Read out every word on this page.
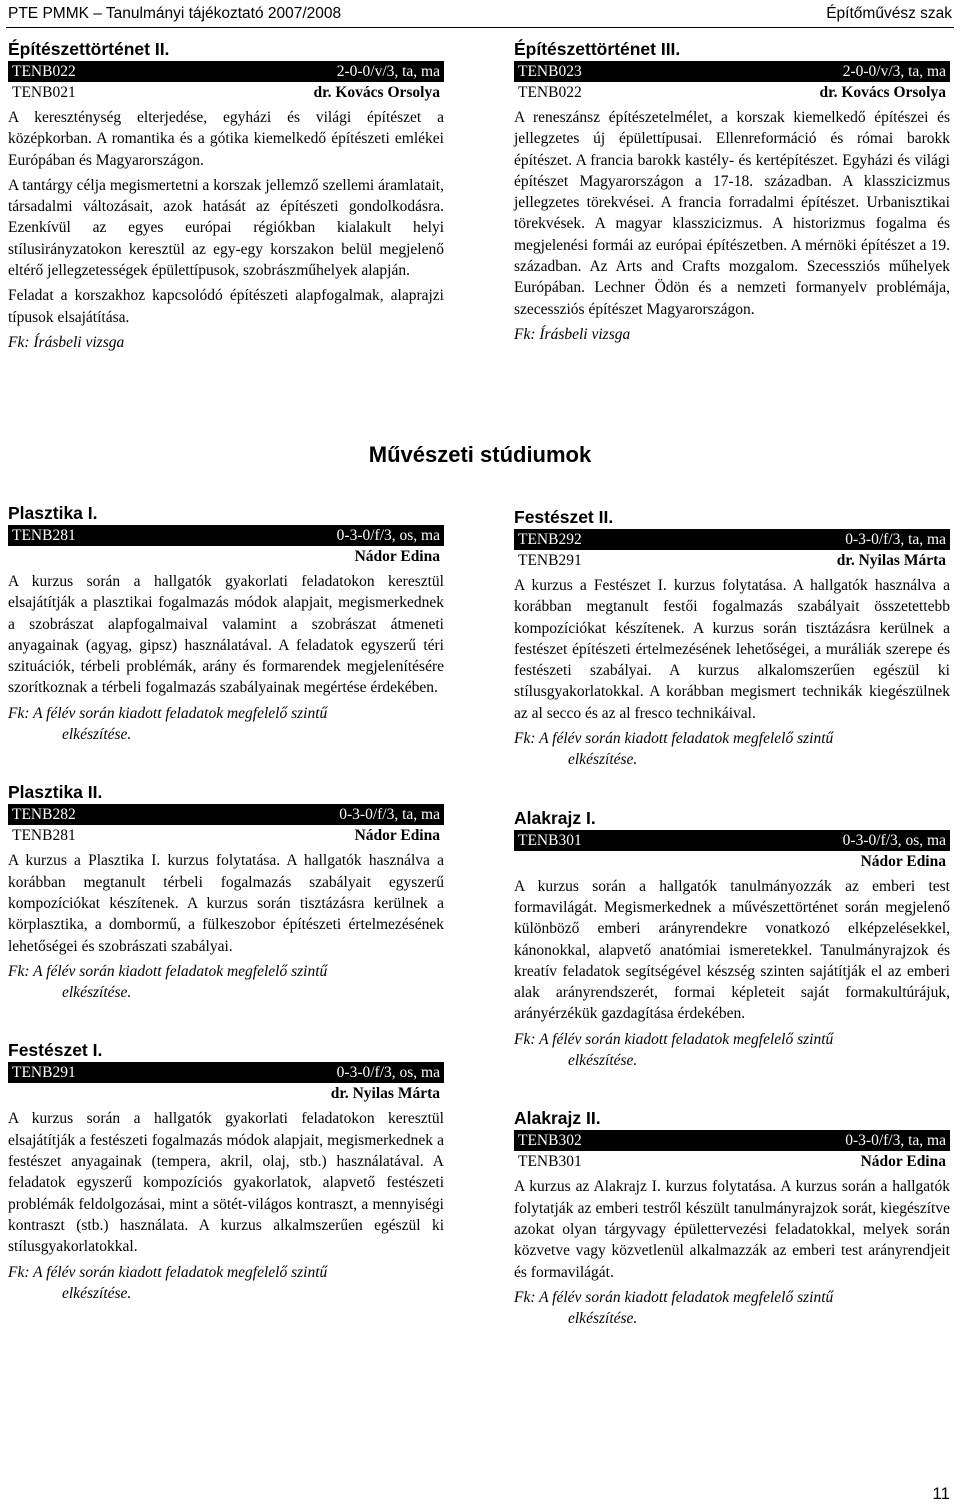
PTE PMMK – Tanulmányi tájékoztató 2007/2008	Építőművész szak
Építészettörténet II.
TENB022	2-0-0/v/3, ta, ma
TENB021	dr. Kovács Orsolya

A kereszténység elterjedése, egyházi és világi építészet a középkorban. A romantika és a gótika kiemelkedő építészeti emlékei Európában és Magyarországon.

A tantárgy célja megismertetni a korszak jellemző szellemi áramlatait, társadalmi változásait, azok hatását az építészeti gondolkodásra. Ezenkívül az egyes európai régiókban kialakult helyi stílusirányzatokon keresztül az egy-egy korszakon belül megjelenő eltérő jellegzetességek épülettípusok, szobrászműhelyek alapján.

Feladat a korszakhoz kapcsolódó építészeti alapfogalmak, alaprajzi típusok elsajátítása.

Fk: Írásbeli vizsga

Építészettörténet III.
TENB023	2-0-0/v/3, ta, ma
TENB022	dr. Kovács Orsolya

A reneszánsz építészetelmélet, a korszak kiemelkedő építészei és jellegzetes új épülettípusai. Ellenreformáció és római barokk építészet. A francia barokk kastély- és kertépítészet. Egyházi és világi építészet Magyarországon a 17-18. században. A klasszicizmus jellegzetes törekvései. A francia forradalmi építészet. Urbanisztikai törekvések. A magyar klasszicizmus. A historizmus fogalma és megjelenési formái az európai építészetben. A mérnöki építészet a 19. században. Az Arts and Crafts mozgalom. Szecessziós műhelyek Európában. Lechner Ödön és a nemzeti formanyelv problémája, szecessziós építészet Magyarországon.

Fk: Írásbeli vizsga

Művészeti stúdiumok
Plasztika I.
TENB281	0-3-0/f/3, os, ma
Nádor Edina

A kurzus során a hallgatók gyakorlati feladatokon keresztül elsajátítják a plasztikai fogalmazás módok alapjait, megismerkednek a szobrászat alapfogalmaival valamint a szobrászat átmeneti anyagainak (agyag, gipsz) használatával. A feladatok egyszerű téri szituációk, térbeli problémák, arány és formarendek megjelenítésére szorítkoznak a térbeli fogalmazás szabályainak megértése érdekében.

Fk: A félév során kiadott feladatok megfelelő szintű
elkészítése.

Plasztika II.
TENB282	0-3-0/f/3, ta, ma
TENB281	Nádor Edina

A kurzus a Plasztika I. kurzus folytatása. A hallgatók használva a korábban megtanult térbeli fogalmazás szabályait egyszerű kompozíciókat készítenek. A kurzus során tisztázásra kerülnek a körplasztika, a dombormű, a fülkeszobor építészeti értelmezésének lehetőségei és szobrászati szabályai.

Fk: A félév során kiadott feladatok megfelelő szintű
elkészítése.

Festészet I.
TENB291	0-3-0/f/3, os, ma
dr. Nyilas Márta

A kurzus során a hallgatók gyakorlati feladatokon keresztül elsajátítják a festészeti fogalmazás módok alapjait, megismerkednek a festészet anyagainak (tempera, akril, olaj, stb.) használatával. A feladatok egyszerű kompozíciós gyakorlatok, alapvető festészeti problémák feldolgozásai, mint a sötét-világos kontraszt, a mennyiségi kontraszt (stb.) használata. A kurzus alkalmszerűen egészül ki stílusgyakorlatokkal.

Fk: A félév során kiadott feladatok megfelelő szintű
elkészítése.

Festészet II.
TENB292	0-3-0/f/3, ta, ma
TENB291	dr. Nyilas Márta

A kurzus a Festészet I. kurzus folytatása. A hallgatók használva a korábban megtanult festői fogalmazás szabályait összetettebb kompozíciókat készítenek. A kurzus során tisztázásra kerülnek a festészet építészeti értelmezésének lehetőségei, a muráliák szerepe és festészeti szabályai. A kurzus alkalomszerűen egészül ki stílusgyakorlatokkal. A korábban megismert technikák kiegészülnek az al secco és az al fresco technikáival.

Fk: A félév során kiadott feladatok megfelelő szintű
elkészítése.

Alakrajz I.
TENB301	0-3-0/f/3, os, ma
Nádor Edina

A kurzus során a hallgatók tanulmányozzák az emberi test formavilágát. Megismerkednek a művészettörténet során megjelenő különböző emberi arányrendekre vonatkozó elképzelésekkel, kánonokkal, alapvető anatómiai ismeretekkel. Tanulmányrajzok és kreatív feladatok segítségével készség szinten sajátítják el az emberi alak arányrendszerét, formai képleteit saját formakultúrájuk, arányérzékük gazdagítása érdekében.

Fk: A félév során kiadott feladatok megfelelő szintű
elkészítése.

Alakrajz II.
TENB302	0-3-0/f/3, ta, ma
TENB301	Nádor Edina

A kurzus az Alakrajz I. kurzus folytatása. A kurzus során a hallgatók folytatják az emberi testről készült tanulmányrajzok sorát, kiegészítve azokat olyan tárgyvagy épülettervezési feladatokkal, melyek során közvetve vagy közvetlenül alkalmazzák az emberi test arányrendjeit és formavilágát.

Fk: A félév során kiadott feladatok megfelelő szintű
elkészítése.

11
